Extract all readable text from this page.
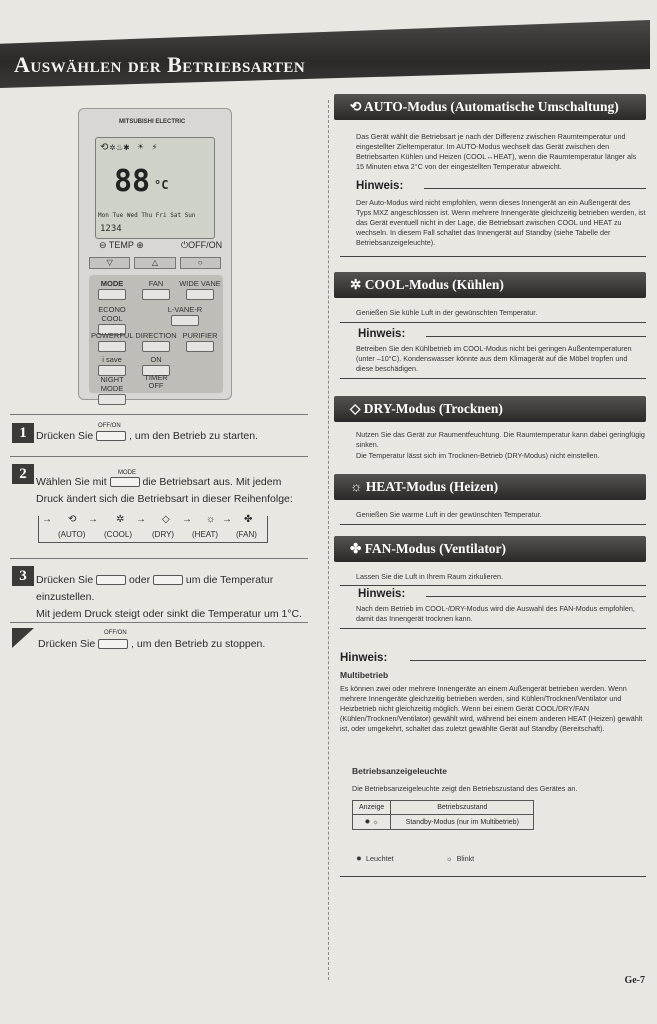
Auswählen der Betriebsarten
MITSUBISHI ELECTRIC
⟲✲♨✱ ☀ ⚡
88 °C
Mon Tue Wed Thu Fri Sat Sun
1234
⊖ TEMP ⊕	⏻OFF/ON
▽	△	○
MODE	FAN	WIDE VANE
ECONO COOL
L-VANE-R
POWERFUL DIRECTION PURIFIER
i save	ON
NIGHT MODE
TIMER
OFF
1 Drücken Sie	, um den Betrieb zu starten.
OFF/ON
2 Wählen Sie mit	die Betriebsart aus. Mit jedem
Druck ändert sich die Betriebsart in dieser Reihenfolge:
MODE
→ ⟲ → ✲ → ◇ → ☼ → ✤
(AUTO) (COOL)	(DRY) (HEAT) (FAN)
3 Drücken Sie	oder	um die Temperatur
einzustellen.
Mit jedem Druck steigt oder sinkt die Temperatur um 1°C.
Drücken Sie	, um den Betrieb zu stoppen.
OFF/ON
⟲ AUTO-Modus (Automatische Umschaltung)
Das Gerät wählt die Betriebsart je nach der Differenz zwischen Raumtemperatur und eingestellter Zieltemperatur. Im AUTO-Modus wechselt das Gerät zwischen den Betriebsarten Kühlen und Heizen (COOL↔HEAT), wenn die Raumtemperatur länger als 15 Minuten etwa 2°C von der eingestellten Temperatur abweicht.
Hinweis:
Der Auto-Modus wird nicht empfohlen, wenn dieses Innengerät an ein Außengerät des Typs MXZ angeschlossen ist. Wenn mehrere Innengeräte gleichzeitig betrieben werden, ist das Gerät eventuell nicht in der Lage, die Betriebsart zwischen COOL und HEAT zu wechseln. In diesem Fall schaltet das Innengerät auf Standby (siehe Tabelle der Betriebsanzeigeleuchte).
✲ COOL-Modus (Kühlen)
Genießen Sie kühle Luft in der gewünschten Temperatur.
Hinweis:
Betreiben Sie den Kühlbetrieb im COOL-Modus nicht bei geringen Außentemperaturen (unter –10°C). Kondenswasser könnte aus dem Klimagerät auf die Möbel tropfen und diese beschädigen.
◇ DRY-Modus (Trocknen)
Nutzen Sie das Gerät zur Raumentfeuchtung. Die Raumtemperatur kann dabei geringfügig sinken.
Die Temperatur lässt sich im Trocknen-Betrieb (DRY-Modus) nicht einstellen.
☼ HEAT-Modus (Heizen)
Genießen Sie warme Luft in der gewünschten Temperatur.
✤ FAN-Modus (Ventilator)
Lassen Sie die Luft in Ihrem Raum zirkulieren.
Hinweis:
Nach dem Betrieb im COOL-/DRY-Modus wird die Auswahl des FAN-Modus empfohlen, damit das Innengerät trocknen kann.
Hinweis:
Multibetrieb
Es können zwei oder mehrere Innengeräte an einem Außengerät betrieben werden. Wenn mehrere Innengeräte gleichzeitig betrieben werden, sind Kühlen/Trocknen/Ventilator und Heizbetrieb nicht gleichzeitig möglich. Wenn bei einem Gerät COOL/DRY/FAN (Kühlen/Trocknen/Ventilator) gewählt wird, während bei einem anderen HEAT (Heizen) gewählt ist, oder umgekehrt, schaltet das zuletzt gewählte Gerät auf Standby (Bereitschaft).
Betriebsanzeigeleuchte
Die Betriebsanzeigeleuchte zeigt den Betriebszustand des Gerätes an.
Anzeige	Betriebszustand
✹ ☼	Standby-Modus (nur im Multibetrieb)
✹  Leuchtet	☼  Blinkt
Ge-7
